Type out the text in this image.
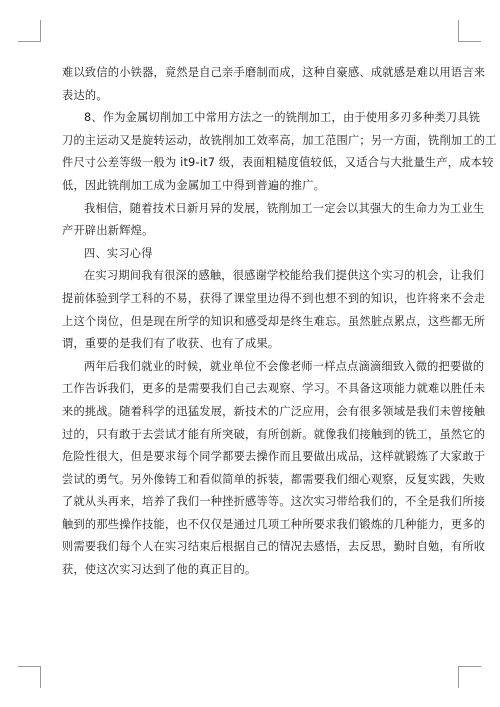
难以致信的小铁器，竟然是自己亲手磨制而成，这种自豪感、成就感是难以用语言来
表达的。

8、作为金属切削加工中常用方法之一的铣削加工，由于使用多刃多种类刀具铣
刀的主运动又是旋转运动，故铣削加工效率高，加工范围广；另一方面，铣削加工的工
件尺寸公差等级一般为 it9-it7 级，表面粗糙度值较低，又适合与大批量生产，成本较
低，因此铣削加工成为金属加工中得到普遍的推广。

我相信，随着技术日新月异的发展，铣削加工一定会以其强大的生命力为工业生
产开辟出新辉煌。

四、实习心得

在实习期间我有很深的感触，很感谢学校能给我们提供这个实习的机会，让我们
提前体验到学工科的不易，获得了课堂里边得不到也想不到的知识，也许将来不会走
上这个岗位，但是现在所学的知识和感受却是终生难忘。虽然脏点累点，这些都无所
谓，重要的是我们有了收获、也有了成果。

两年后我们就业的时候，就业单位不会像老师一样点点滴滴细致入微的把要做的
工作告诉我们，更多的是需要我们自己去观察、学习。不具备这项能力就难以胜任未
来的挑战。随着科学的迅猛发展，新技术的广泛应用，会有很多领域是我们未曾接触
过的，只有敢于去尝试才能有所突破，有所创新。就像我们接触到的铣工，虽然它的
危险性很大，但是要求每个同学都要去操作而且要做出成品，这样就锻炼了大家敢于
尝试的勇气。另外像铸工和看似简单的拆装，都需要我们细心观察，反复实践，失败
了就从头再来，培养了我们一种挫折感等等。这次实习带给我们的，不全是我们所接
触到的那些操作技能，也不仅仅是通过几项工种所要求我们锻炼的几种能力，更多的
则需要我们每个人在实习结束后根据自己的情况去感悟，去反思，勤时自勉，有所收
获，使这次实习达到了他的真正目的。
